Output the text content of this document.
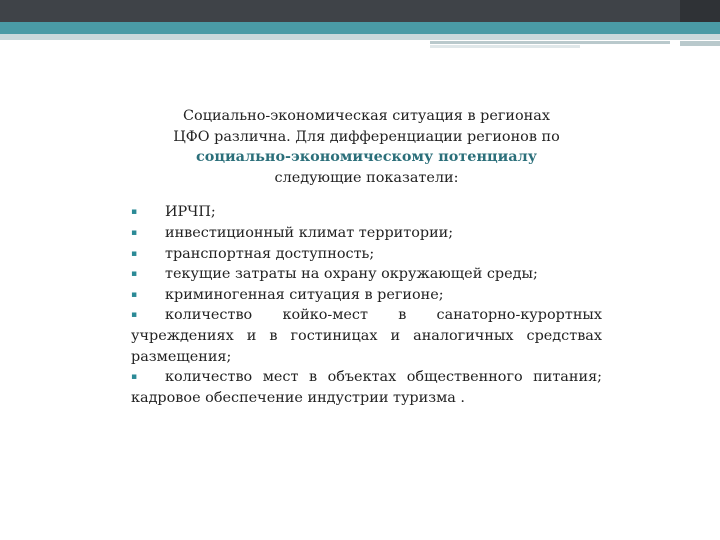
Социально-экономическая ситуация в регионах
ЦФО различна. Для дифференциации регионов по
социально-экономическому потенциалу
следующие показатели:
▪ ИРЧП;
▪ инвестиционный климат территории;
▪ транспортная доступность;
▪ текущие затраты на охрану окружающей среды;
▪ криминогенная ситуация в регионе;
▪ количество койко-мест в санаторно-курортных учреждениях и в гостиницах и аналогичных средствах размещения;
▪ количество мест в объектах общественного питания; кадровое обеспечение индустрии туризма .
